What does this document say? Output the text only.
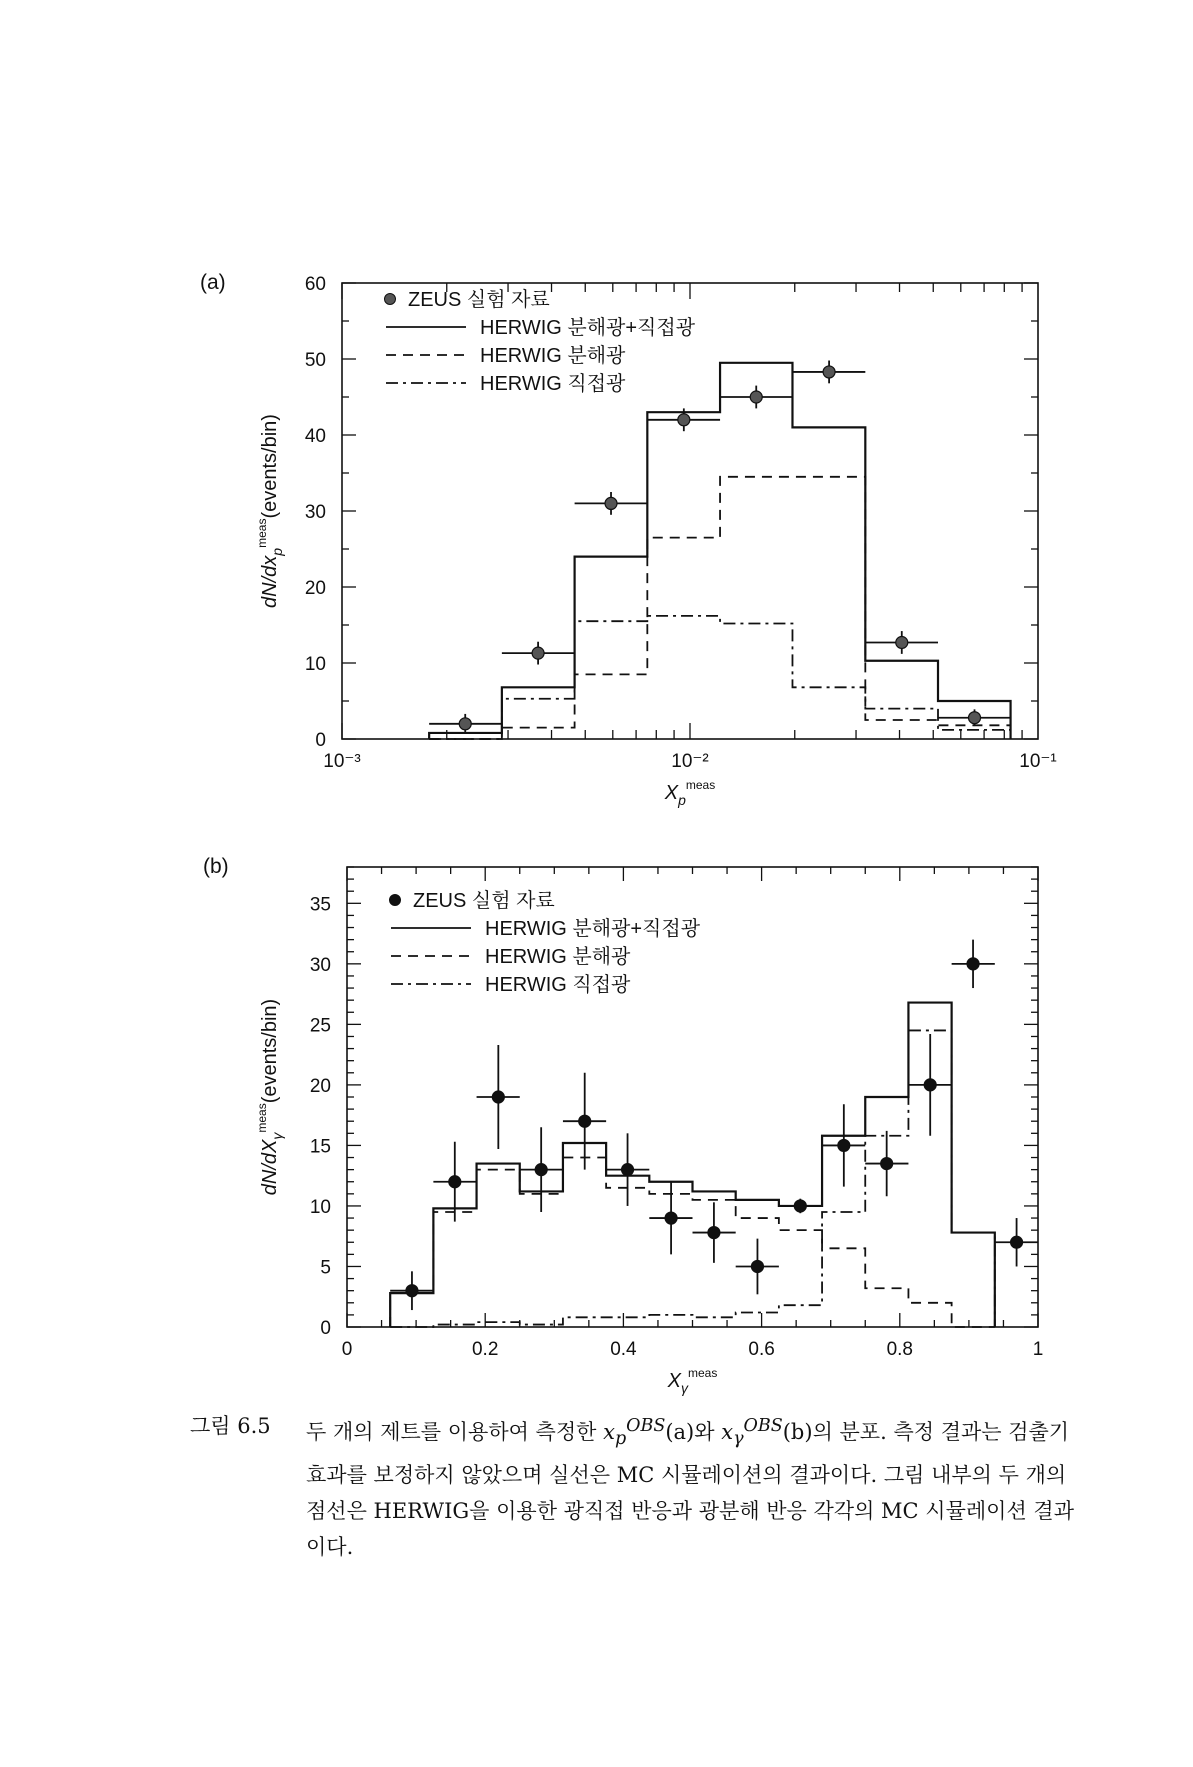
(a)
0
10
20
30
40
50
60
10⁻³	10⁻²	10⁻¹
$X_p^{meas}$
$dN/dx_p^{meas}(events/bin)$
ZEUS 실험 자료
HERWIG 분해광+직접광
HERWIG 분해광
HERWIG 직접광
(b)
0
5
10
15
20
25
30
35
0	0.2	0.4	0.6	0.8	1
$X_\gamma^{meas}$
$dN/dX_\gamma^{meas}(events/bin)$
ZEUS 실험 자료
HERWIG 분해광+직접광
HERWIG 분해광
HERWIG 직접광
그림 6.5 두 개의 제트를 이용하여 측정한 $x_p^{OBS}(a)$와 $x_\gamma^{OBS}(b)$의 분포. 측정 결과는 검출기 효과를 보정하지 않았으며 실선은 MC 시뮬레이션의 결과이다. 그림 내부의 두 개의 점선은 HERWIG을 이용한 광직접 반응과 광분해 반응 각각의 MC 시뮬레이션 결과이다.
